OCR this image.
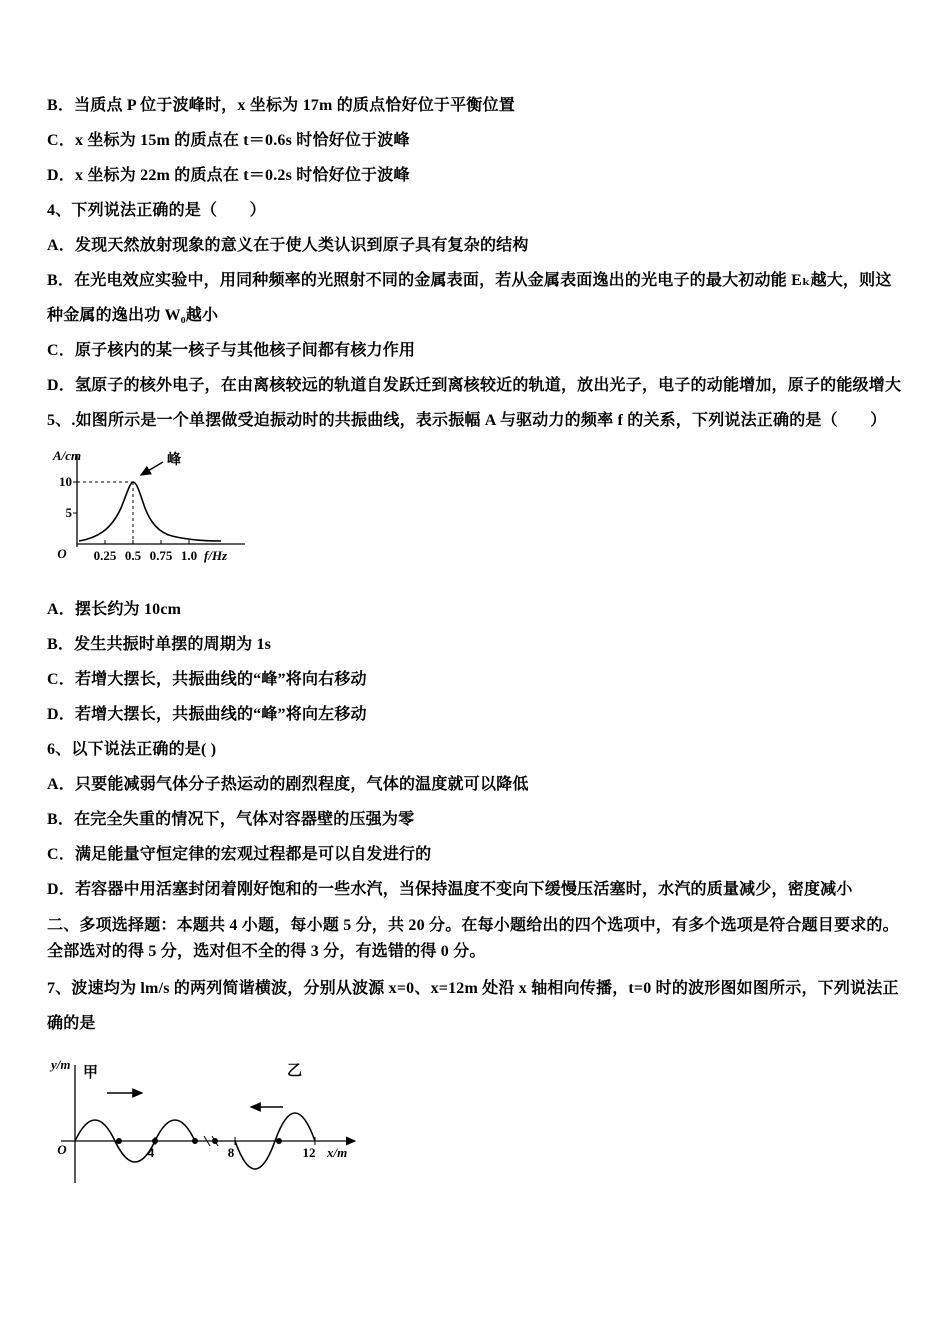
B．当质点 P 位于波峰时，x 坐标为 17m 的质点恰好位于平衡位置

C．x 坐标为 15m 的质点在 t＝0.6s 时恰好位于波峰

D．x 坐标为 22m 的质点在 t＝0.2s 时恰好位于波峰

4、下列说法正确的是（　　）

A．发现天然放射现象的意义在于使人类认识到原子具有复杂的结构

B．在光电效应实验中，用同种频率的光照射不同的金属表面，若从金属表面逸出的光电子的最大初动能 Eₖ越大，则这种金属的逸出功 W₀越小

C．原子核内的某一核子与其他核子间都有核力作用

D．氢原子的核外电子，在由离核较远的轨道自发跃迁到离核较近的轨道，放出光子，电子的动能增加，原子的能级增大

5、.如图所示是一个单摆做受迫振动时的共振曲线，表示振幅 A 与驱动力的频率 f 的关系，下列说法正确的是（　　）

峰
A/cm
10
5
0.25 0.5 0.75 1.0 f/Hz
O

A．摆长约为 10cm

B．发生共振时单摆的周期为 1s

C．若增大摆长，共振曲线的“峰”将向右移动

D．若增大摆长，共振曲线的“峰”将向左移动

6、以下说法正确的是( )

A．只要能减弱气体分子热运动的剧烈程度，气体的温度就可以降低

B．在完全失重的情况下，气体对容器壁的压强为零

C．满足能量守恒定律的宏观过程都是可以自发进行的

D．若容器中用活塞封闭着刚好饱和的一些水汽，当保持温度不变向下缓慢压活塞时，水汽的质量减少，密度减小

二、多项选择题：本题共 4 小题，每小题 5 分，共 20 分。在每小题给出的四个选项中，有多个选项是符合题目要求的。全部选对的得 5 分，选对但不全的得 3 分，有选错的得 0 分。

7、波速均为 lm/s 的两列简谐横波，分别从波源 x=0、x=12m 处沿 x 轴相向传播，t=0 时的波形图如图所示，下列说法正确的是

甲	乙
y/m
O	4	8	12 x/m
